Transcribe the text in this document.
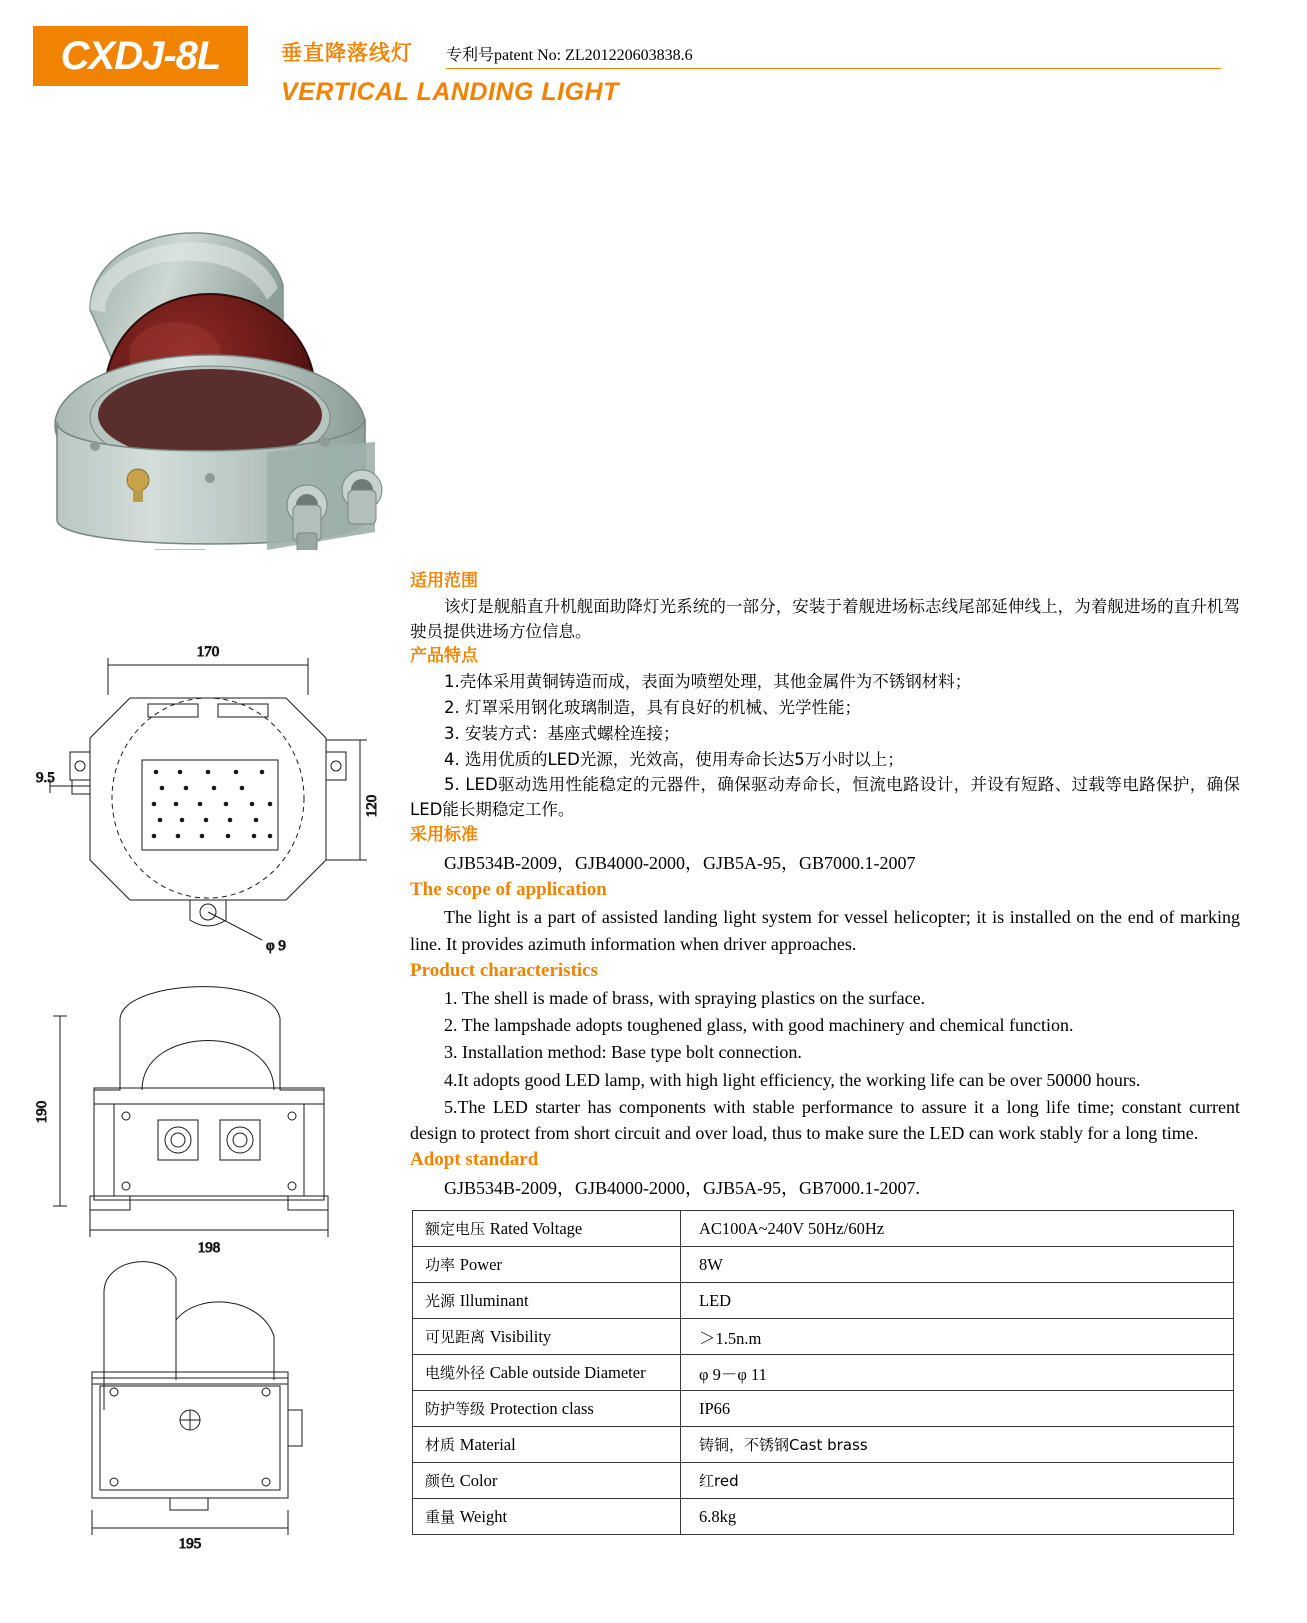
CXDJ-8L	垂直降落线灯 专利号patent No: ZL201220603838.6
VERTICAL LANDING LIGHT
170
φ 9
120
9.5
190
198
195
适用范围

该灯是舰船直升机舰面助降灯光系统的一部分，安装于着舰进场标志线尾部延伸线上，为着舰进场的直升机驾驶员提供进场方位信息。

产品特点

1.壳体采用黄铜铸造而成，表面为喷塑处理，其他金属件为不锈钢材料；

2. 灯罩采用钢化玻璃制造，具有良好的机械、光学性能；

3. 安装方式：基座式螺栓连接；

4. 选用优质的LED光源，光效高，使用寿命长达5万小时以上；

5. LED驱动选用性能稳定的元器件，确保驱动寿命长，恒流电路设计，并设有短路、过载等电路保护，确保LED能长期稳定工作。

采用标准

GJB534B-2009，GJB4000-2000，GJB5A-95，GB7000.1-2007

The scope of application

The light is a part of assisted landing light system for vessel helicopter; it is installed on the end of marking line. It provides azimuth information when driver approaches.

Product characteristics

1. The shell is made of brass, with spraying plastics on the surface.

2. The lampshade adopts toughened glass, with good machinery and chemical function.

3. Installation method: Base type bolt connection.

4.It adopts good LED lamp, with high light efficiency, the working life can be over 50000 hours.

5.The LED starter has components with stable performance to assure it a long life time; constant current design to protect from short circuit and over load, thus to make sure the LED can work stably for a long time.

Adopt standard

GJB534B-2009，GJB4000-2000，GJB5A-95，GB7000.1-2007.

额定电压 Rated Voltage	AC100A~240V 50Hz/60Hz
功率 Power	8W
光源 Illuminant	LED
可见距离 Visibility	＞1.5n.m
电缆外径 Cable outside Diameter	φ 9－φ 11
防护等级 Protection class	IP66
材质 Material	铸铜，不锈钢Cast brass
颜色 Color	红red
重量 Weight	6.8kg
